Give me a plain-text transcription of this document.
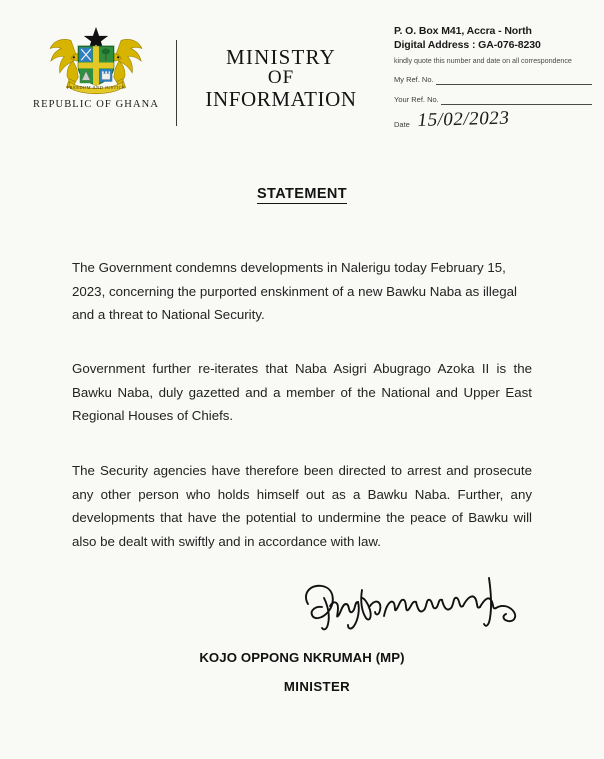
FREEDOM AND JUSTICE
REPUBLIC OF GHANA
MINISTRY
OF
INFORMATION
P. O. Box M41, Accra - North
Digital Address : GA-076-8230
kindly quote this number and date on all correspondence
My Ref. No.
Your Ref. No.
Date 15/02/2023
STATEMENT

The Government condemns developments in Nalerigu today February 15, 2023, concerning the purported enskinment of a new Bawku Naba as illegal and a threat to National Security.

Government further re-iterates that Naba Asigri Abugrago Azoka II is the Bawku Naba, duly gazetted and a member of the National and Upper East Regional Houses of Chiefs.

The Security agencies have therefore been directed to arrest and prosecute any other person who holds himself out as a Bawku Naba. Further, any developments that have the potential to undermine the peace of Bawku will also be dealt with swiftly and in accordance with law.

KOJO OPPONG NKRUMAH (MP)
MINISTER
